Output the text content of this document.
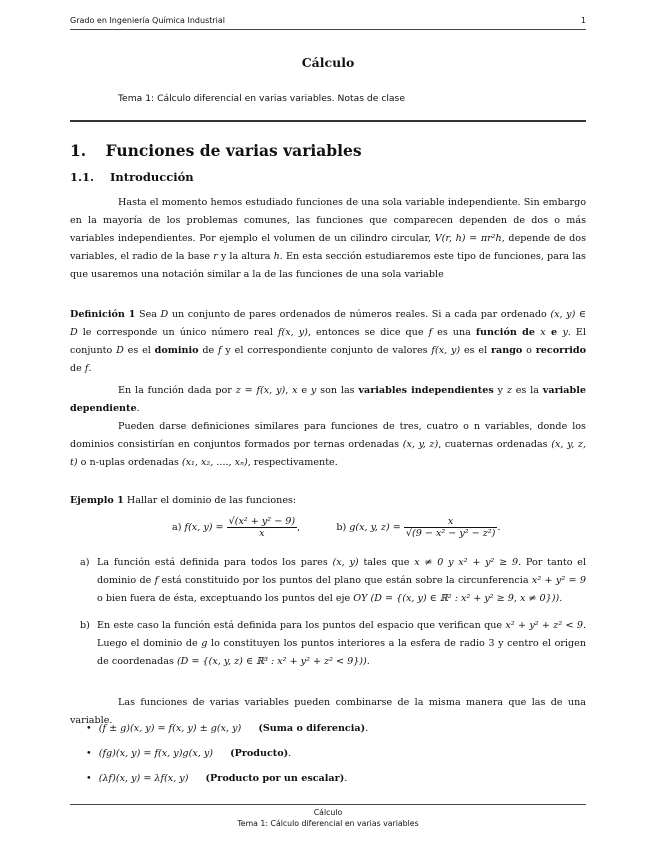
Grado en Ingeniería Química Industrial	1
Cálculo
Tema 1: Cálculo diferencial en varias variables. Notas de clase
1. Funciones de varias variables
1.1. Introducción
Hasta el momento hemos estudiado funciones de una sola variable independiente. Sin embargo en la mayoría de los problemas comunes, las funciones que comparecen dependen de dos o más variables independientes. Por ejemplo el volumen de un cilindro circular, V(r, h) = πr²h, depende de dos variables, el radio de la base r y la altura h. En esta sección estudiaremos este tipo de funciones, para las que usaremos una notación similar a la de las funciones de una sola variable
Definición 1 Sea D un conjunto de pares ordenados de números reales. Si a cada par ordenado (x, y) ∈ D le corresponde un único número real f(x, y), entonces se dice que f es una función de x e y. El conjunto D es el dominio de f y el correspondiente conjunto de valores f(x, y) es el rango o recorrido de f.
En la función dada por z = f(x, y), x e y son las variables independientes y z es la variable dependiente.
Pueden darse definiciones similares para funciones de tres, cuatro o n variables, donde los dominios consistirían en conjuntos formados por ternas ordenadas (x, y, z), cuaternas ordenadas (x, y, z, t) o n-uplas ordenadas (x₁, x₂, ...., xₙ), respectivamente.
Ejemplo 1 Hallar el dominio de las funciones:
a) f(x, $y) = \frac{\text{√(x² + y² − 9)}}{x}$ ,	b) g(x, y, $z) = \frac{x}{\text{√(9 − x² − y² − z²)}}$ .
a) La función está definida para todos los pares (x, y) tales que x ≠ 0 y x² + y² ≥ 9. Por tanto el dominio de f está constituido por los puntos del plano que están sobre la circunferencia x² + y² = 9 o bien fuera de ésta, exceptuando los puntos del eje OY (D = {(x, y) ∈ ℝ² : x² + y² ≥ 9, x ≠ 0})).
b) En este caso la función está definida para los puntos del espacio que verifican que x² + y² + z² < 9. Luego el dominio de g lo constituyen los puntos interiores a la esfera de radio 3 y centro el origen de coordenadas (D = {(x, y, z) ∈ ℝ³ : x² + y² + z² < 9})).
Las funciones de varias variables pueden combinarse de la misma manera que las de una variable.
• (f ± g)(x, y) = f(x, y) ± g(x, y) (Suma o diferencia).
• (fg)(x, y) = f(x, y)g(x, y) (Producto).
• (λf)(x, y) = λf(x, y) (Producto por un escalar).
Cálculo
Tema 1: Cálculo diferencial en varias variables
